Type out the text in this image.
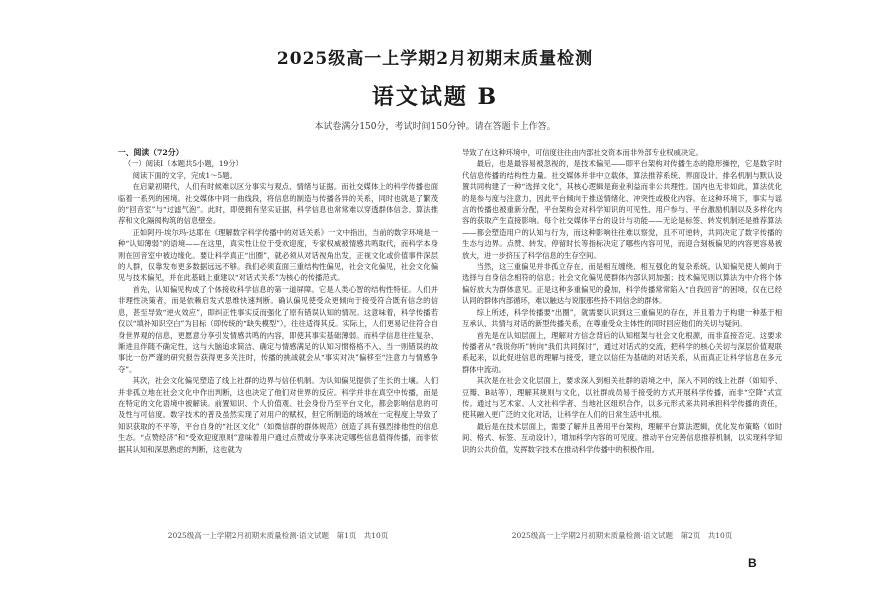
2025级高一上学期2月初期末质量检测
语文试题 B

本试卷满分150分，考试时间150分钟。请在答题卡上作答。

一、阅读（72分）

（一）阅读Ⅰ（本题共5小题，19分）

阅读下面的文字，完成1～5题。

在启蒙初期代，人们有时候难以区分事实与观点、情绪与证据。而社交媒体上的科学传播也面临着一系列的困境。社交媒体中同一曲线段，将信息的制造与传播各异的关系，同时也就是了繁茂的“回音室”与“过滤气泡”。此时，即使拥有坚实证据，科学信息也常常难以穿透群体信念、算法推荐和文化隔阂构筑的信息壁垒。

正如阿丹·埃尔玛-达耶在《理解数字科学传播中的对话关系》一文中指出，当前的数字环境是一种“认知薄弱”的语境——在这里，真实性让位于受欢迎度，专家权威被情感共鸣取代，而科学本身则在回音室中被边缘化。要让科学真正“出圈”，就必须从对话视角出发，正视文化或价值事件深层的人群，仅靠发布更多数据远远不够。我们必须直面三重结构性偏见，社会文化偏见，社会文化偏见与技术偏见，并在此基础上重建以“对话式关系”为核心的传播范式。

首先，认知偏见构成了个体接收科学信息的第一道屏障。它是人类心智的结构性特征。人们并非理性决策者，而是依赖启发式思维快速判断。确认偏见使受众更倾向于接受符合既有信念的信息，甚至导致“逆火效应”，即纠正性事实反而强化了原有错误认知的情况。这意味着，科学传播若仅以“填补知识空白”为目标（即传统的“缺失模型”），往往适得其反。实际上，人们更易记住符合自身世界观的信息，更愿意分享引发情感共鸣的内容，即使其事实基础薄弱。而科学信息往往复杂、渐进且伴随不确定性，这与大脑追求简洁、确定与情感满足的认知习惯格格不入。当一则错误的故事比一份严谨的研究报告获得更多关注时，传播的挑战就会从“事实对决”偏移至“注意力与情感争夺”。

其次，社会文化偏见塑造了线上社群的边界与信任机制。为认知偏见提供了生长的土壤。人们并非孤立地在社会文化中作出判断，这也决定了他们对世界的反应。科学并非在真空中传播，而是在特定的文化语境中被解读。前置知识、个人价值观、社会身份乃至平台文化，都会影响信息的可及性与可信度。数字技术的普及虽然实现了对用户的赋权，但它所制造的场域在一定程度上导致了知识获取的不平等，平台自身的“社区文化”（如微信群的群体规范）创造了具有强烈排他性的信息生态。“点赞经济”和“受欢迎度原则”意味着用户通过点赞或分享来决定哪些信息值得传播，而非依据其认知和深思熟虑的判断，这也就为

导致了在这种环境中，可信度往往由内部社交资本而非外部专业权威决定。

最后，也是最容易被忽视的，是技术偏见——即平台架构对传播生态的隐形操控，它是数字时代信息传播的结构性力量。社交媒体并非中立载体，算法推荐系统、界面设计、排名机制与默认设置共同构建了一种“选择文化”，其核心逻辑是商业利益而非公共理性。国内也无非如此，算法优化的是参与度与注意力，因此平台倾向于推送情绪化、冲突性或极化内容。在这种环境下，事实与谣言的传播也被重新分配，平台架构会对科学知识的可见性、用户参与、平台激励机制以及多样化内容的获取产生直接影响。每个社交媒体平台的设计与功能——无论是标签、转发机制还是推荐算法——都会塑造用户的认知与行为，而这种影响往往难以察觉，且不可逆转，共同决定了数字传播的生态与边界。点赞、转发、停留时长等指标决定了哪些内容可见，而迎合刻板偏见的内容更容易被放大，进一步挤压了科学信息的生存空间。

当然，这三重偏见并非孤立存在，而是相互缠绕、相互强化的复杂系统。认知偏见使人倾向于选择与自身信念相符的信息；社会文化偏见使群体内部认同加强；技术偏见则以算法为中介将个体偏好放大为群体意见。正是这种多重偏见的叠加，科学传播常常陷入“自我回音”的困境，仅在已经认同的群体内部循环，难以触达与说服那些持不同信念的群体。

综上所述，科学传播要“出圈”，就需要认识到这三重偏见的存在，并且着力于构建一种基于相互承认、共情与对话的新型传播关系，在尊重受众主体性的同时回应他们的关切与疑问。

首先是在认知层面上，理解对方信念背后的认知框架与社会文化根源，而非直接否定。这要求传播者从“我说你听”转向“我们共同探讨”，通过对话式的交流，把科学的核心关切与深层价值观联系起来，以此促进信息的理解与接受，建立以信任为基础的对话关系，从而真正让科学信息在多元群体中流动。

其次是在社会文化层面上，要求深入到相关社群的语境之中，深入不同的线上社群（如知乎、豆瓣、B站等），理解其规则与文化，以社群成员易于接受的方式开展科学传播，而非“空降”式宣传。通过与艺术家、人文社科学者、当地社区组织合作，以多元形式来共同承担科学传播的责任，使其融入更广泛的文化对话，让科学在人们的日常生活中扎根。

最后是在技术层面上，需要了解并且善用平台架构，理解平台算法逻辑，优化发布策略（如时间、格式、标签、互动设计），增加科学内容的可见度。推动平台完善信息推荐机制，以实现科学知识的公共价值，发挥数字技术在推动科学传播中的积极作用。

2025级高一上学期2月初期末质量检测·语文试题　第1页　共10页	2025级高一上学期2月初期末质量检测·语文试题　第2页　共10页
B
